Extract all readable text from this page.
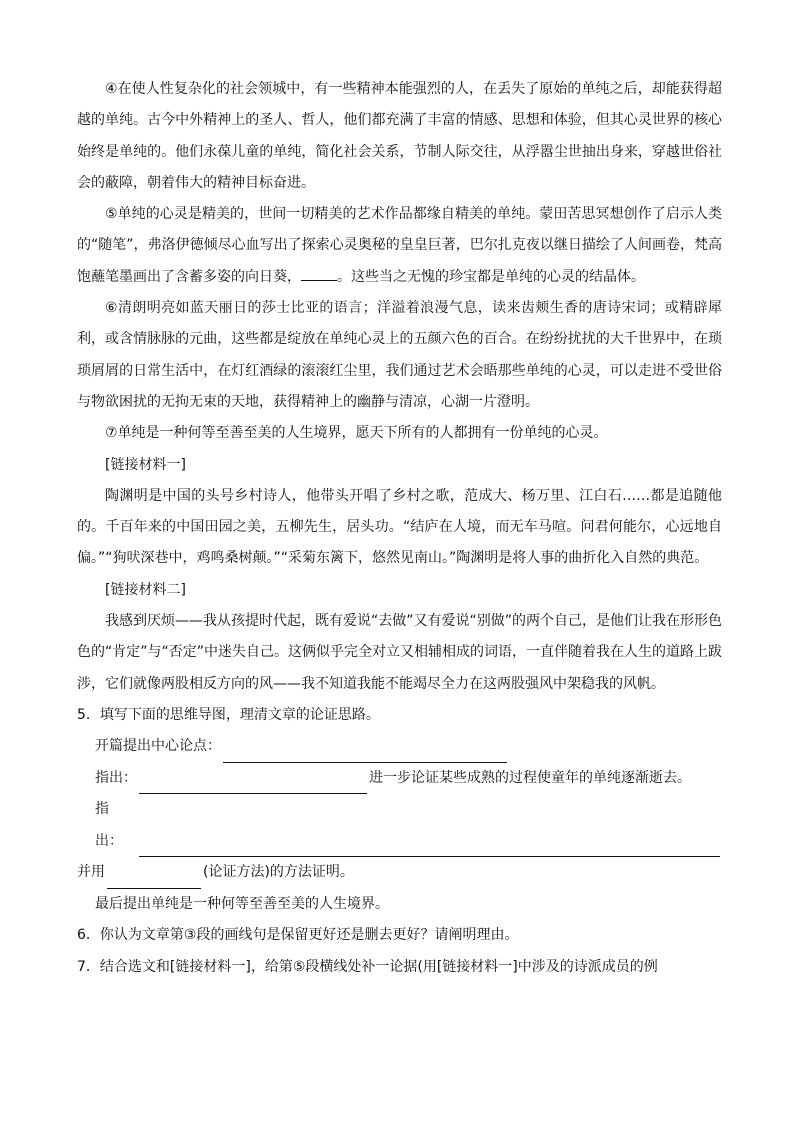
④在使人性复杂化的社会领城中，有一些精神本能强烈的人，在丢失了原始的单纯之后，却能获得超越的单纯。古今中外精神上的圣人、哲人，他们都充满了丰富的情感、思想和体验，但其心灵世界的核心始终是单纯的。他们永葆儿童的单纯，简化社会关系，节制人际交往，从浮嚣尘世抽出身来，穿越世俗社会的蔽障，朝着伟大的精神目标奋进。

⑤单纯的心灵是精美的，世间一切精美的艺术作品都缘自精美的单纯。蒙田苦思冥想创作了启示人类的“随笔”，弗洛伊德倾尽心血写出了探索心灵奥秘的皇皇巨著，巴尔扎克夜以继日描绘了人间画卷，梵高饱蘸笔墨画出了含蓄多姿的向日葵，	。这些当之无愧的珍宝都是单纯的心灵的结晶体。

⑥清朗明亮如蓝天丽日的莎士比亚的语言；洋溢着浪漫气息，读来齿颊生香的唐诗宋词；或精辟犀利，或含情脉脉的元曲，这些都是绽放在单纯心灵上的五颜六色的百合。在纷纷扰扰的大千世界中，在琐琐屑屑的日常生活中，在灯红酒绿的滚滚红尘里，我们通过艺术会晤那些单纯的心灵，可以走进不受世俗与物欲困扰的无拘无束的天地，获得精神上的幽静与清凉，心湖一片澄明。

⑦单纯是一种何等至善至美的人生境界，愿天下所有的人都拥有一份单纯的心灵。

[链接材料一]

陶渊明是中国的头号乡村诗人，他带头开唱了乡村之歌，范成大、杨万里、江白石……都是追随他的。千百年来的中国田园之美，五柳先生，居头功。“结庐在人境，而无车马喧。问君何能尔，心远地自偏。”“狗吠深巷中，鸡鸣桑树颠。”“采菊东篱下，悠然见南山。”陶渊明是将人事的曲折化入自然的典范。

[链接材料二]

我感到厌烦——我从孩提时代起，既有爱说“去做”又有爱说“别做”的两个自己，是他们让我在形形色色的“肯定”与“否定”中迷失自己。这俩似乎完全对立又相辅相成的词语，一直伴随着我在人生的道路上跋涉，它们就像两股相反方向的风——我不知道我能不能竭尽全力在这两股强风中架稳我的风帆。

5．填写下面的思维导图，理清文章的论证思路。

开篇提出中心论点：
指出：	进一步论证某些成熟的过程使童年的单纯逐渐逝去。
指出：
并用	(论证方法)的方法证明。

最后提出单纯是一种何等至善至美的人生境界。

6．你认为文章第③段的画线句是保留更好还是删去更好？请阐明理由。

7．结合选文和[链接材料一]，给第⑤段横线处补一论据(用[链接材料一]中涉及的诗派成员的例
